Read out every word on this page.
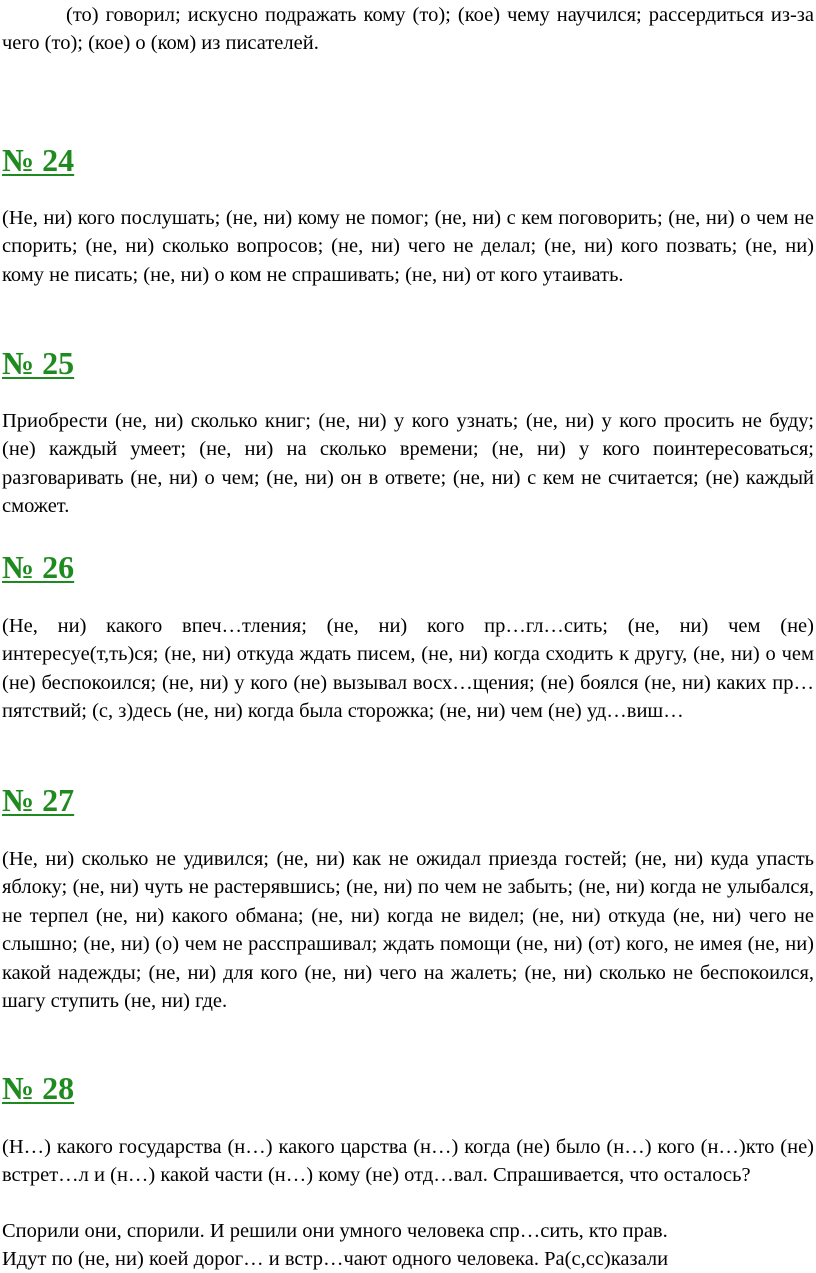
(то) говорил; искусно подражать кому (то); (кое) чему научился; рассердиться из-за чего (то); (кое) о (ком) из писателей.

№ 24

(Не, ни) кого послушать; (не, ни) кому не помог; (не, ни) с кем поговорить; (не, ни) о чем не спорить; (не, ни) сколько вопросов; (не, ни) чего не делал; (не, ни) кого позвать; (не, ни) кому не писать; (не, ни) о ком не спрашивать; (не, ни) от кого утаивать.

№ 25

Приобрести (не, ни) сколько книг; (не, ни) у кого узнать; (не, ни) у кого просить не буду; (не) каждый умеет; (не, ни) на сколько времени; (не, ни) у кого поинтересоваться; разговаривать (не, ни) о чем; (не, ни) он в ответе; (не, ни) с кем не считается; (не) каждый сможет.

№ 26

(Не, ни) какого впеч…тления; (не, ни) кого пр…гл…сить; (не, ни) чем (не) интересуе(т,ть)ся; (не, ни) откуда ждать писем, (не, ни) когда сходить к другу, (не, ни) о чем (не) беспокоился; (не, ни) у кого (не) вызывал восх…щения; (не) боялся (не, ни) каких пр…пятствий; (с, з)десь (не, ни) когда была сторожка; (не, ни) чем (не) уд…виш…

№ 27

(Не, ни) сколько не удивился; (не, ни) как не ожидал приезда гостей; (не, ни) куда упасть яблоку; (не, ни) чуть не растерявшись; (не, ни) по чем не забыть; (не, ни) когда не улыбался, не терпел (не, ни) какого обмана; (не, ни) когда не видел; (не, ни) откуда (не, ни) чего не слышно; (не, ни) (о) чем не расспрашивал; ждать помощи (не, ни) (от) кого, не имея (не, ни) какой надежды; (не, ни) для кого (не, ни) чего на жалеть; (не, ни) сколько не беспокоился, шагу ступить (не, ни) где.

№ 28

(Н…) какого государства (н…) какого царства (н…) когда (не) было (н…) кого (н…)кто (не) встрет…л и (н…) какой части (н…) кому (не) отд…вал. Спрашивается, что осталось?

Спорили они, спорили. И решили они умного человека спр…сить, кто прав.

Идут по (не, ни) коей дорог… и встр…чают одного человека. Ра(с,сс)казали
